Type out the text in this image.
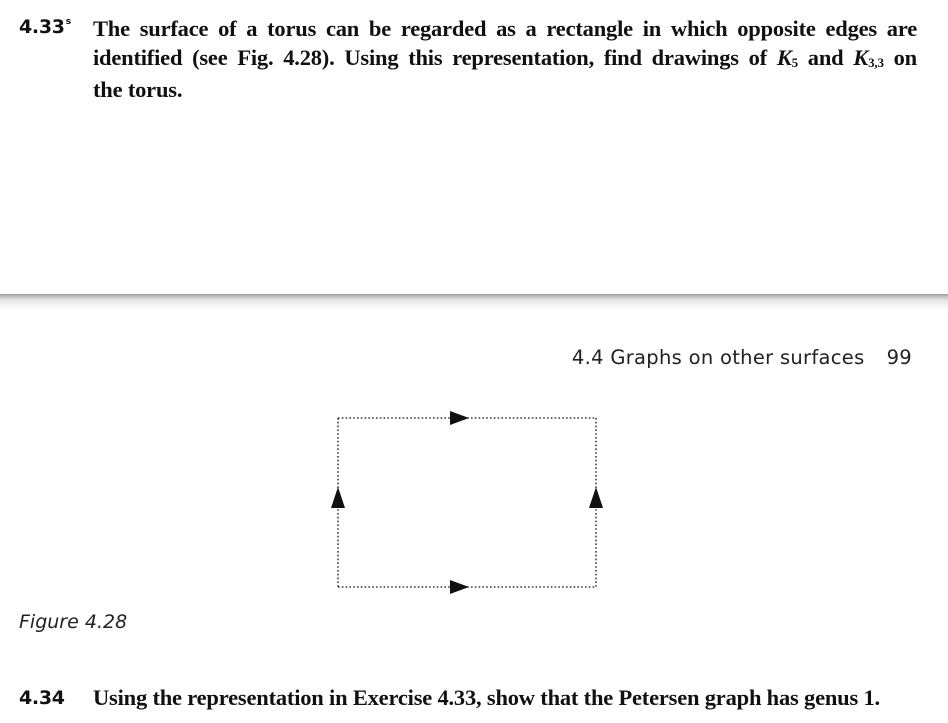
4.33$^s$ The surface of a torus can be regarded as a rectangle in which opposite edges are
identified (see Fig. 4.28). Using this representation, find drawings of $K_5$ and $K_{3,3}$ on
the torus.
4.4 Graphs on other surfaces 99
Figure 4.28
4.34 Using the representation in Exercise 4.33, show that the Petersen graph has genus 1.
